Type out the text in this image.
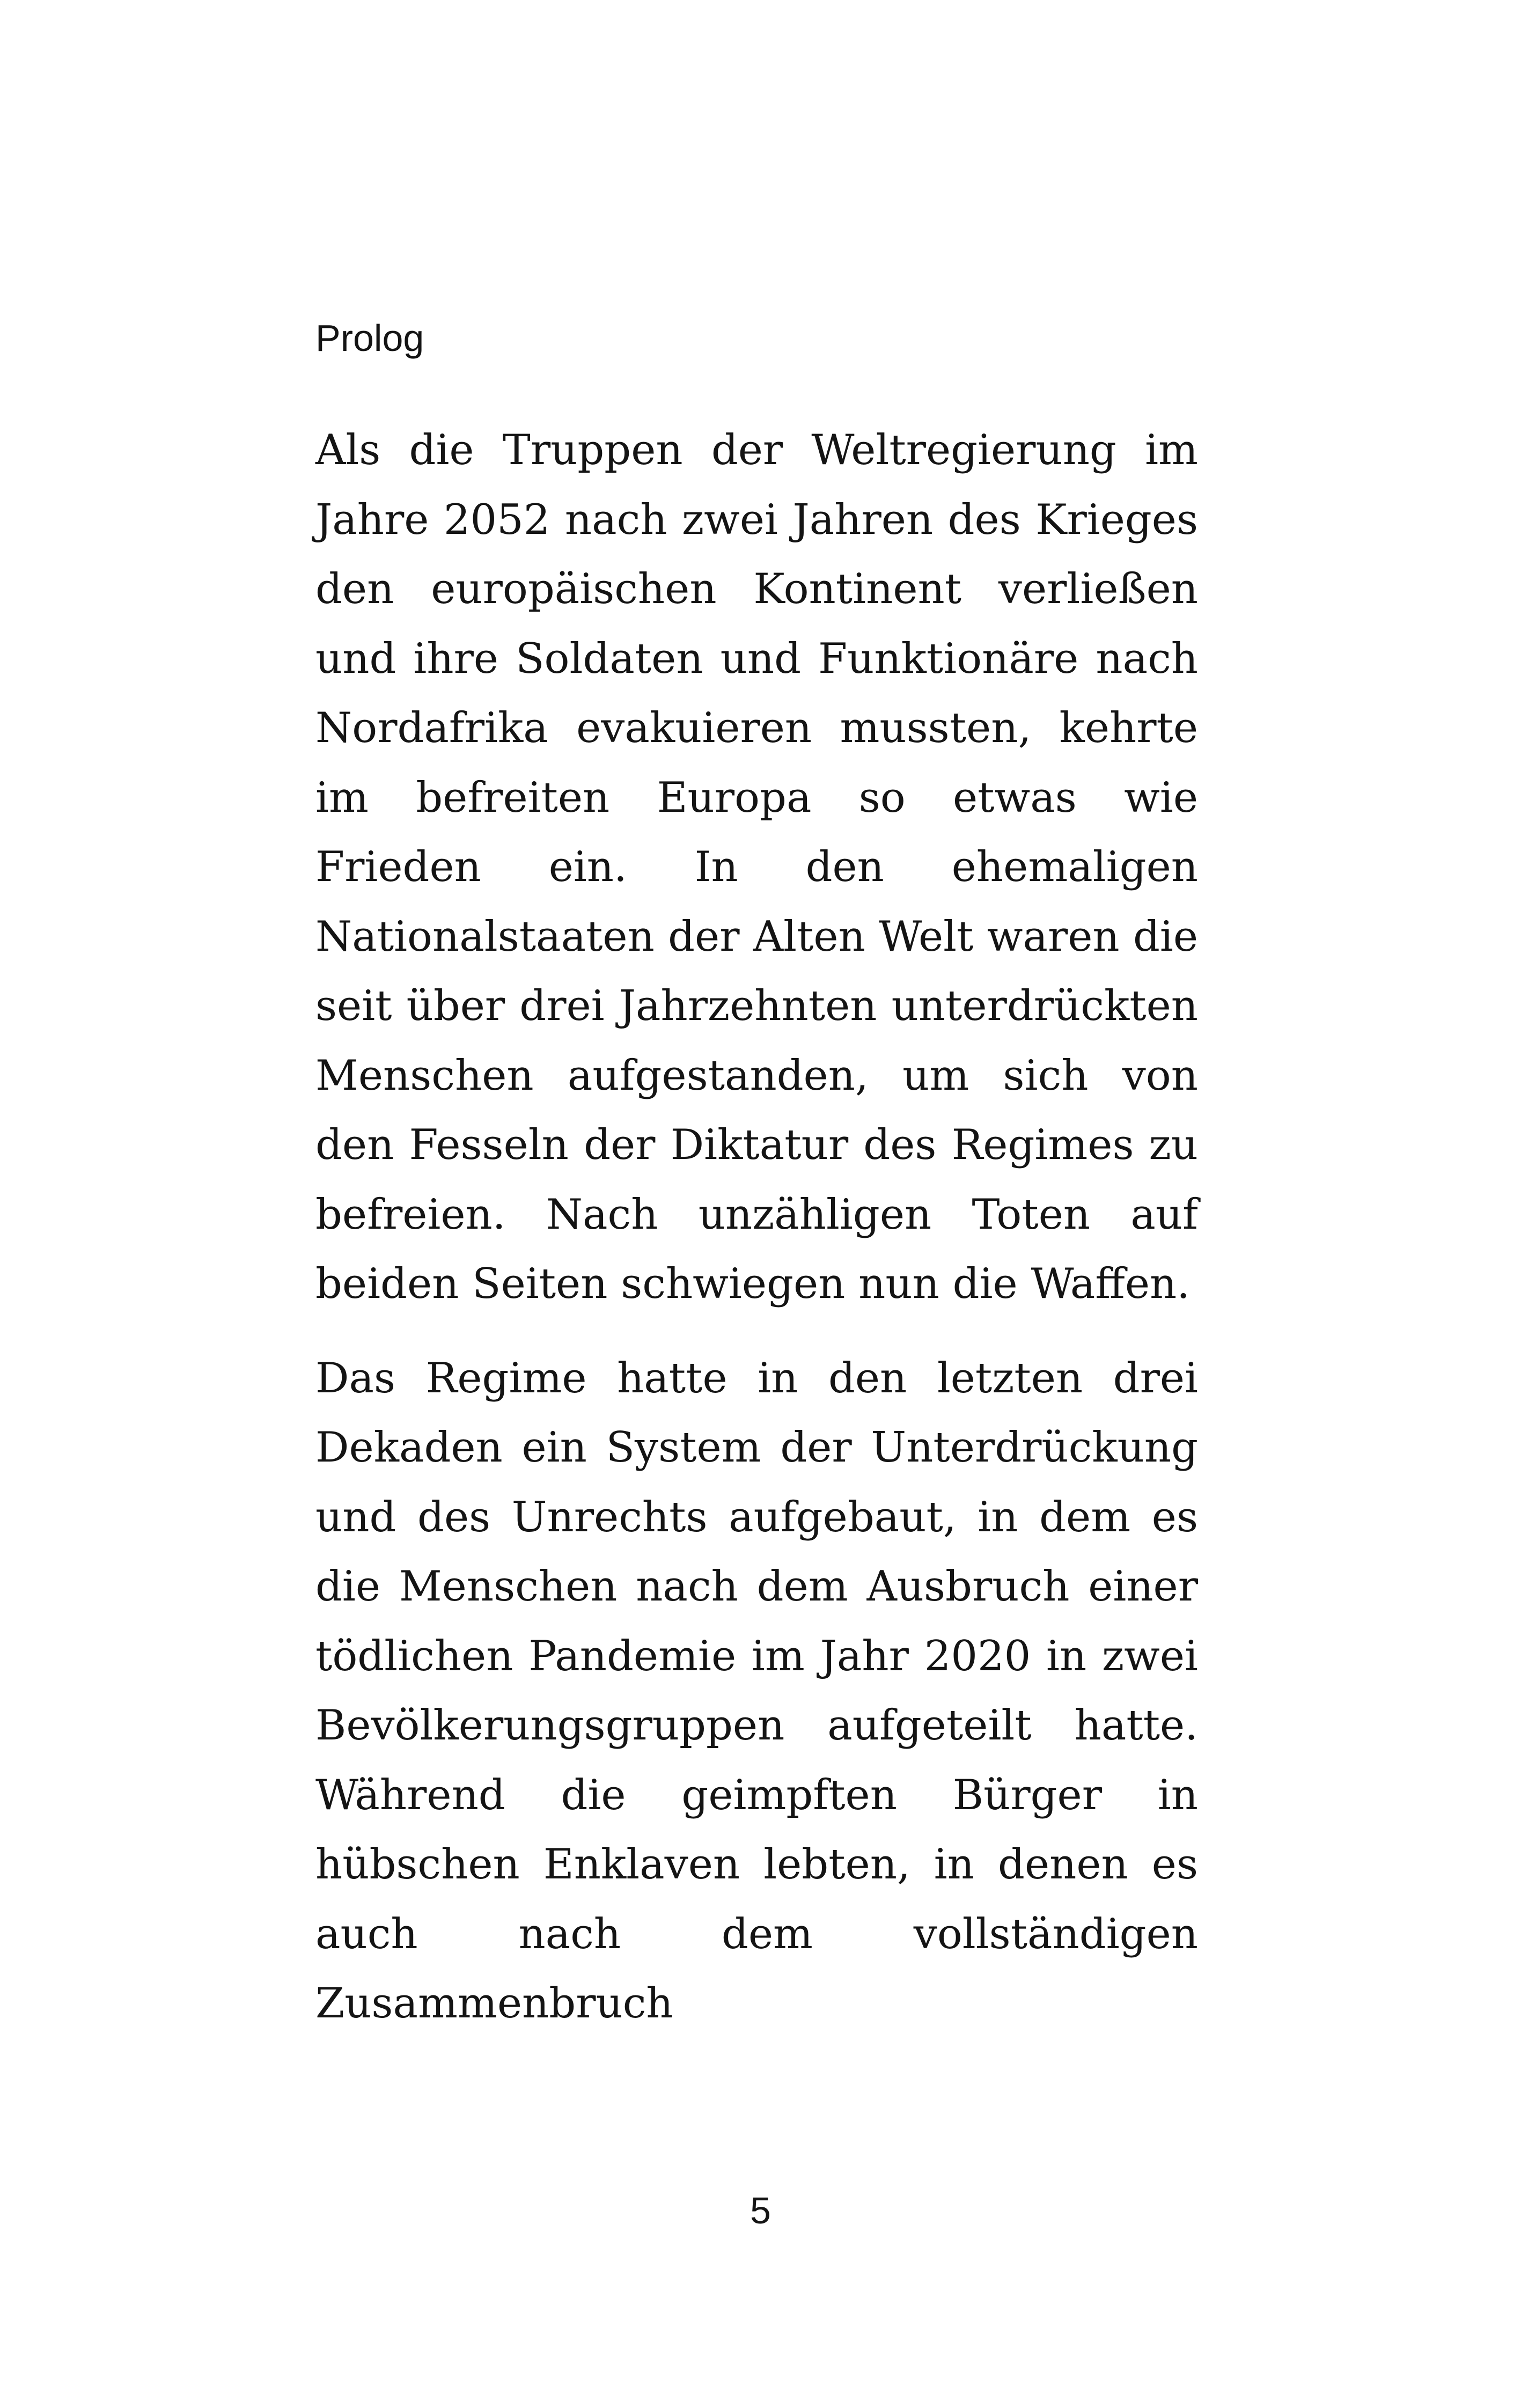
Prolog

Als die Truppen der Weltregierung im Jahre 2052 nach zwei Jahren des Krieges den europäischen Kontinent verließen und ihre Soldaten und Funktionäre nach Nordafrika evakuieren mussten, kehrte im befreiten Europa so etwas wie Frieden ein. In den ehemaligen Nationalstaaten der Alten Welt waren die seit über drei Jahrzehnten unterdrückten Menschen aufgestanden, um sich von den Fesseln der Diktatur des Regimes zu befreien. Nach unzähligen Toten auf beiden Seiten schwiegen nun die Waffen.

Das Regime hatte in den letzten drei Dekaden ein System der Unterdrückung und des Unrechts aufgebaut, in dem es die Menschen nach dem Ausbruch einer tödlichen Pandemie im Jahr 2020 in zwei Bevölkerungsgruppen aufgeteilt hatte. Während die geimpften Bürger in hübschen Enklaven lebten, in denen es auch nach dem vollständigen Zusammenbruch

5
